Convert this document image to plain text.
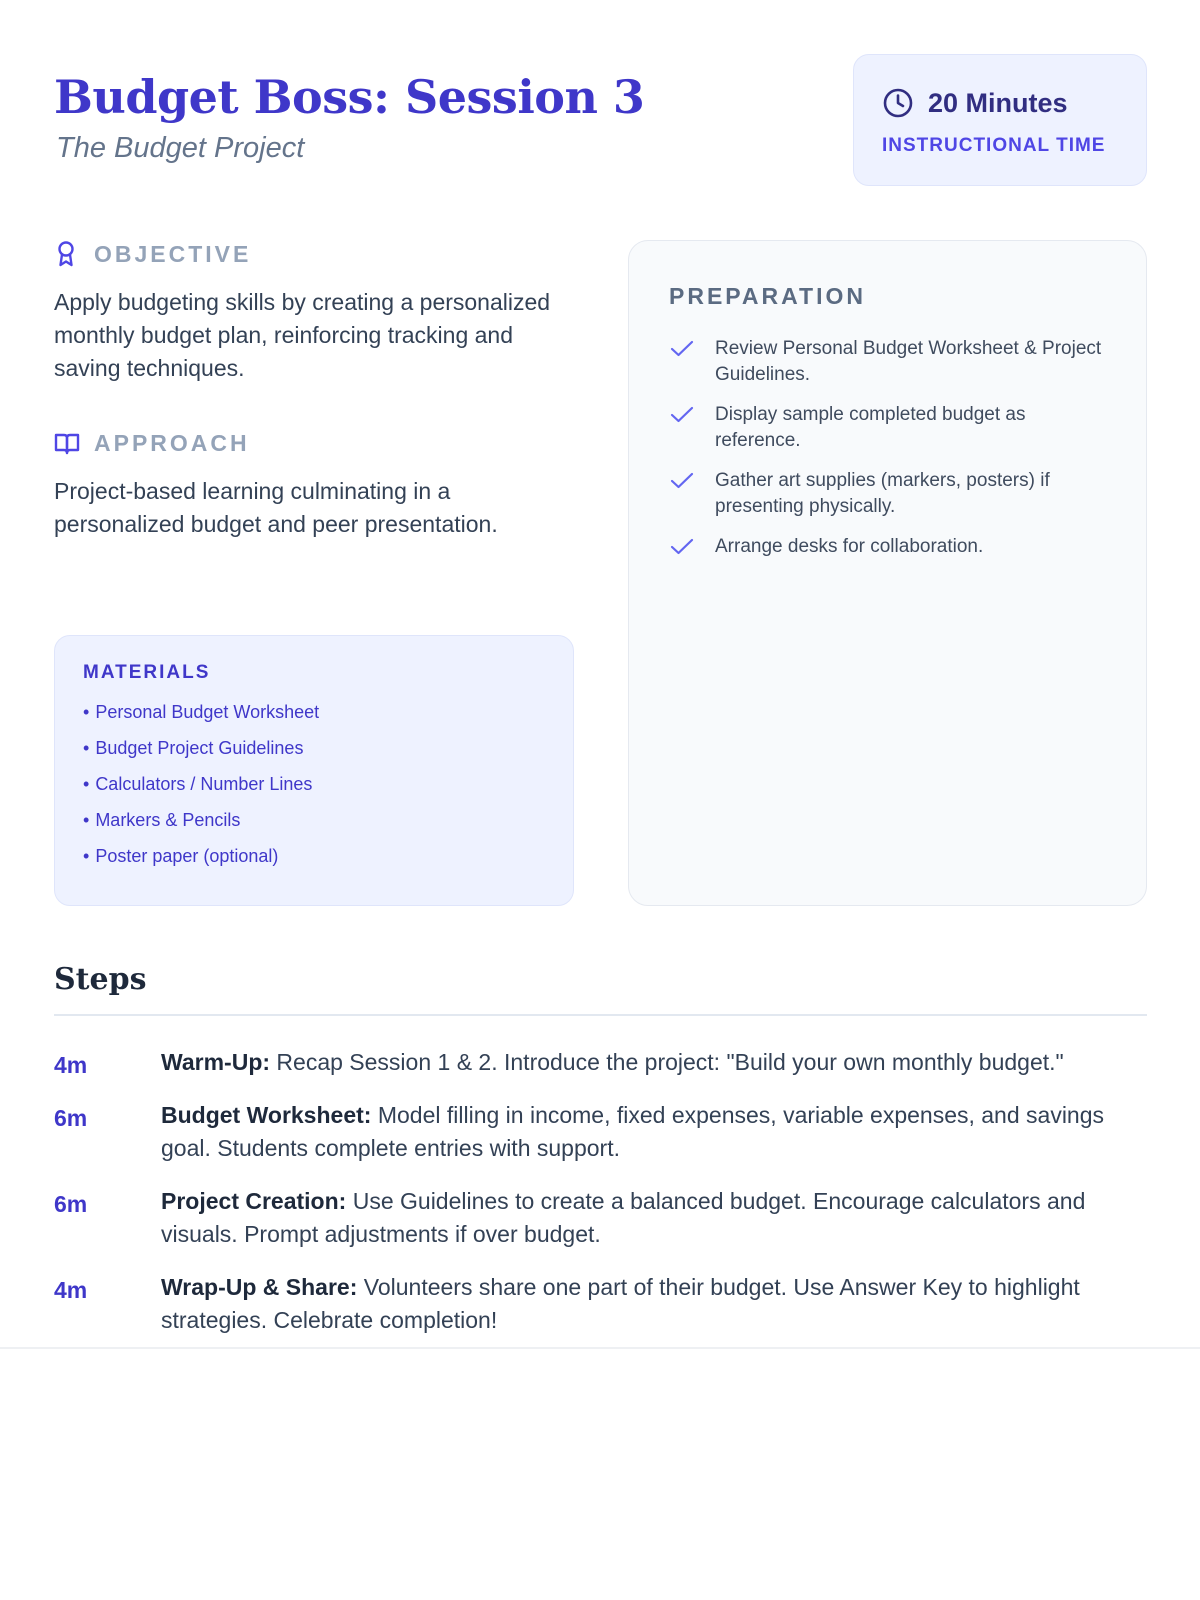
Budget Boss: Session 3
The Budget Project
20 Minutes
INSTRUCTIONAL TIME
OBJECTIVE

Apply budgeting skills by creating a personalized monthly budget plan, reinforcing tracking and saving techniques.

APPROACH

Project-based learning culminating in a personalized budget and peer presentation.

MATERIALS
• Personal Budget Worksheet
• Budget Project Guidelines
• Calculators / Number Lines
• Markers & Pencils
• Poster paper (optional)
PREPARATION
Review Personal Budget Worksheet & Project Guidelines.
Display sample completed budget as reference.
Gather art supplies (markers, posters) if presenting physically.
Arrange desks for collaboration.
Steps
4m	Warm-Up: Recap Session 1 & 2. Introduce the project: "Build your own monthly budget."
6m	Budget Worksheet: Model filling in income, fixed expenses, variable expenses, and savings goal. Students complete entries with support.
6m	Project Creation: Use Guidelines to create a balanced budget. Encourage calculators and visuals. Prompt adjustments if over budget.
4m	Wrap-Up & Share: Volunteers share one part of their budget. Use Answer Key to highlight strategies. Celebrate completion!
